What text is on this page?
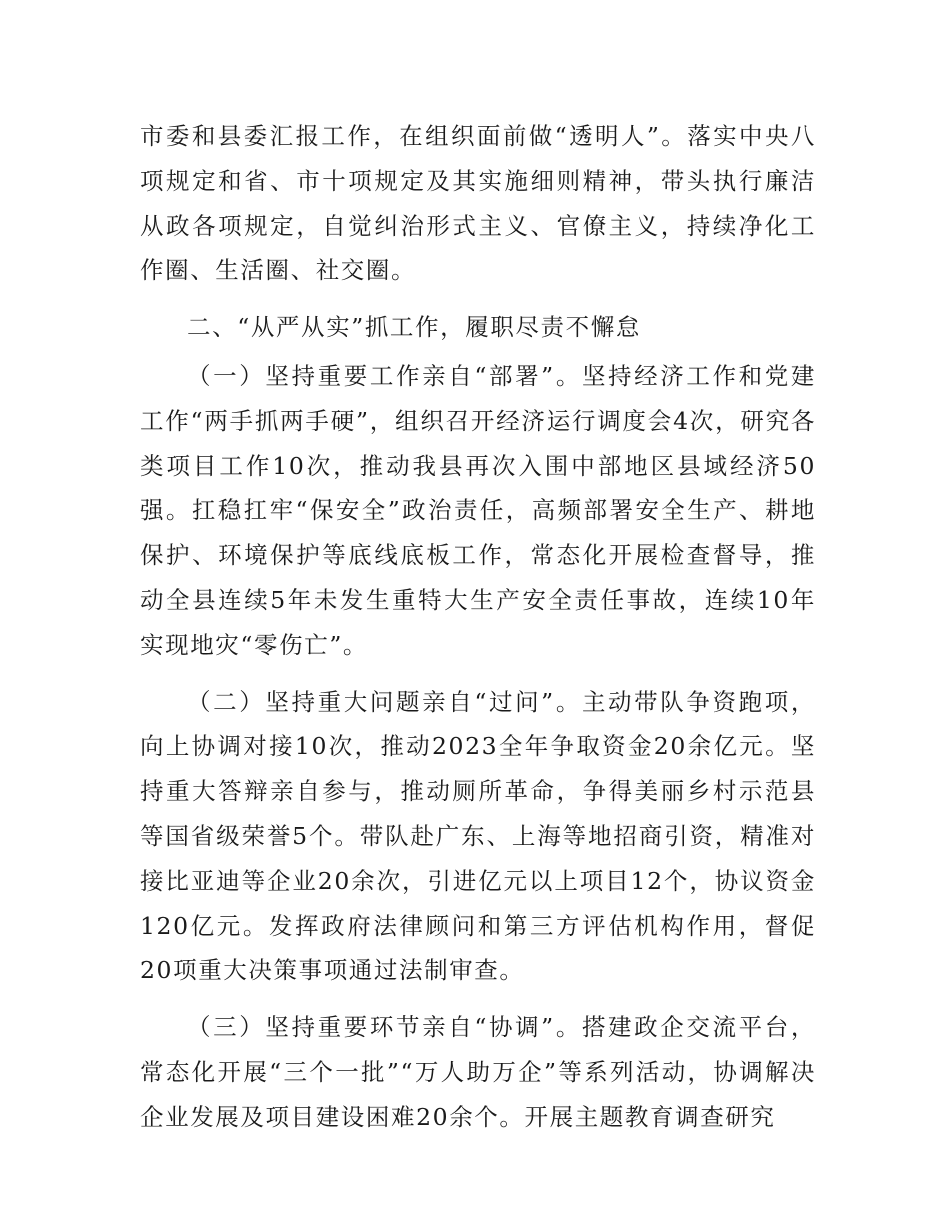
市委和县委汇报工作，在组织面前做“透明人”。落实中央八项规定和省、市十项规定及其实施细则精神，带头执行廉洁从政各项规定，自觉纠治形式主义、官僚主义，持续净化工作圈、生活圈、社交圈。

二、“从严从实”抓工作，履职尽责不懈怠

（一）坚持重要工作亲自“部署”。坚持经济工作和党建工作“两手抓两手硬”，组织召开经济运行调度会4次，研究各类项目工作10次，推动我县再次入围中部地区县域经济50强。扛稳扛牢“保安全”政治责任，高频部署安全生产、耕地保护、环境保护等底线底板工作，常态化开展检查督导，推动全县连续5年未发生重特大生产安全责任事故，连续10年实现地灾“零伤亡”。

（二）坚持重大问题亲自“过问”。主动带队争资跑项，向上协调对接10次，推动2023全年争取资金20余亿元。坚持重大答辩亲自参与，推动厕所革命，争得美丽乡村示范县等国省级荣誉5个。带队赴广东、上海等地招商引资，精准对接比亚迪等企业20余次，引进亿元以上项目12个，协议资金120亿元。发挥政府法律顾问和第三方评估机构作用，督促20项重大决策事项通过法制审查。

（三）坚持重要环节亲自“协调”。搭建政企交流平台，常态化开展“三个一批”“万人助万企”等系列活动，协调解决企业发展及项目建设困难20余个。开展主题教育调查研究
